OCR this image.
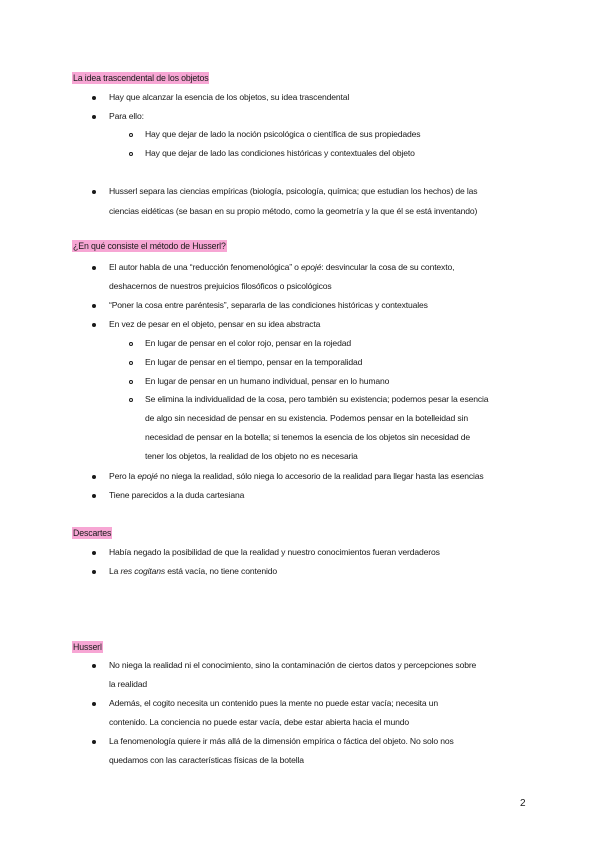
La idea trascendental de los objetos
Hay que alcanzar la esencia de los objetos, su idea trascendental
Para ello:
Hay que dejar de lado la noción psicológica o científica de sus propiedades
Hay que dejar de lado las condiciones históricas y contextuales del objeto
Husserl separa las ciencias empíricas (biología, psicología, química; que estudian los hechos) de las
ciencias eidéticas (se basan en su propio método, como la geometría y la que él se está inventando)
¿En qué consiste el método de Husserl?
El autor habla de una “reducción fenomenológica” o epojé: desvincular la cosa de su contexto,
deshacernos de nuestros prejuicios filosóficos o psicológicos
“Poner la cosa entre paréntesis”, separarla de las condiciones históricas y contextuales
En vez de pesar en el objeto, pensar en su idea abstracta
En lugar de pensar en el color rojo, pensar en la rojedad
En lugar de pensar en el tiempo, pensar en la temporalidad
En lugar de pensar en un humano individual, pensar en lo humano
Se elimina la individualidad de la cosa, pero también su existencia; podemos pesar la esencia
de algo sin necesidad de pensar en su existencia. Podemos pensar en la botelleidad sin
necesidad de pensar en la botella; si tenemos la esencia de los objetos sin necesidad de
tener los objetos, la realidad de los objeto no es necesaria
Pero la epojé no niega la realidad, sólo niega lo accesorio de la realidad para llegar hasta las esencias
Tiene parecidos a la duda cartesiana
Descartes
Había negado la posibilidad de que la realidad y nuestro conocimientos fueran verdaderos
La res cogitans está vacía, no tiene contenido
Husserl
No niega la realidad ni el conocimiento, sino la contaminación de ciertos datos y percepciones sobre
la realidad
Además, el cogito necesita un contenido pues la mente no puede estar vacía; necesita un
contenido. La conciencia no puede estar vacía, debe estar abierta hacia el mundo
La fenomenología quiere ir más allá de la dimensión empírica o fáctica del objeto. No solo nos
quedamos con las características físicas de la botella
2
